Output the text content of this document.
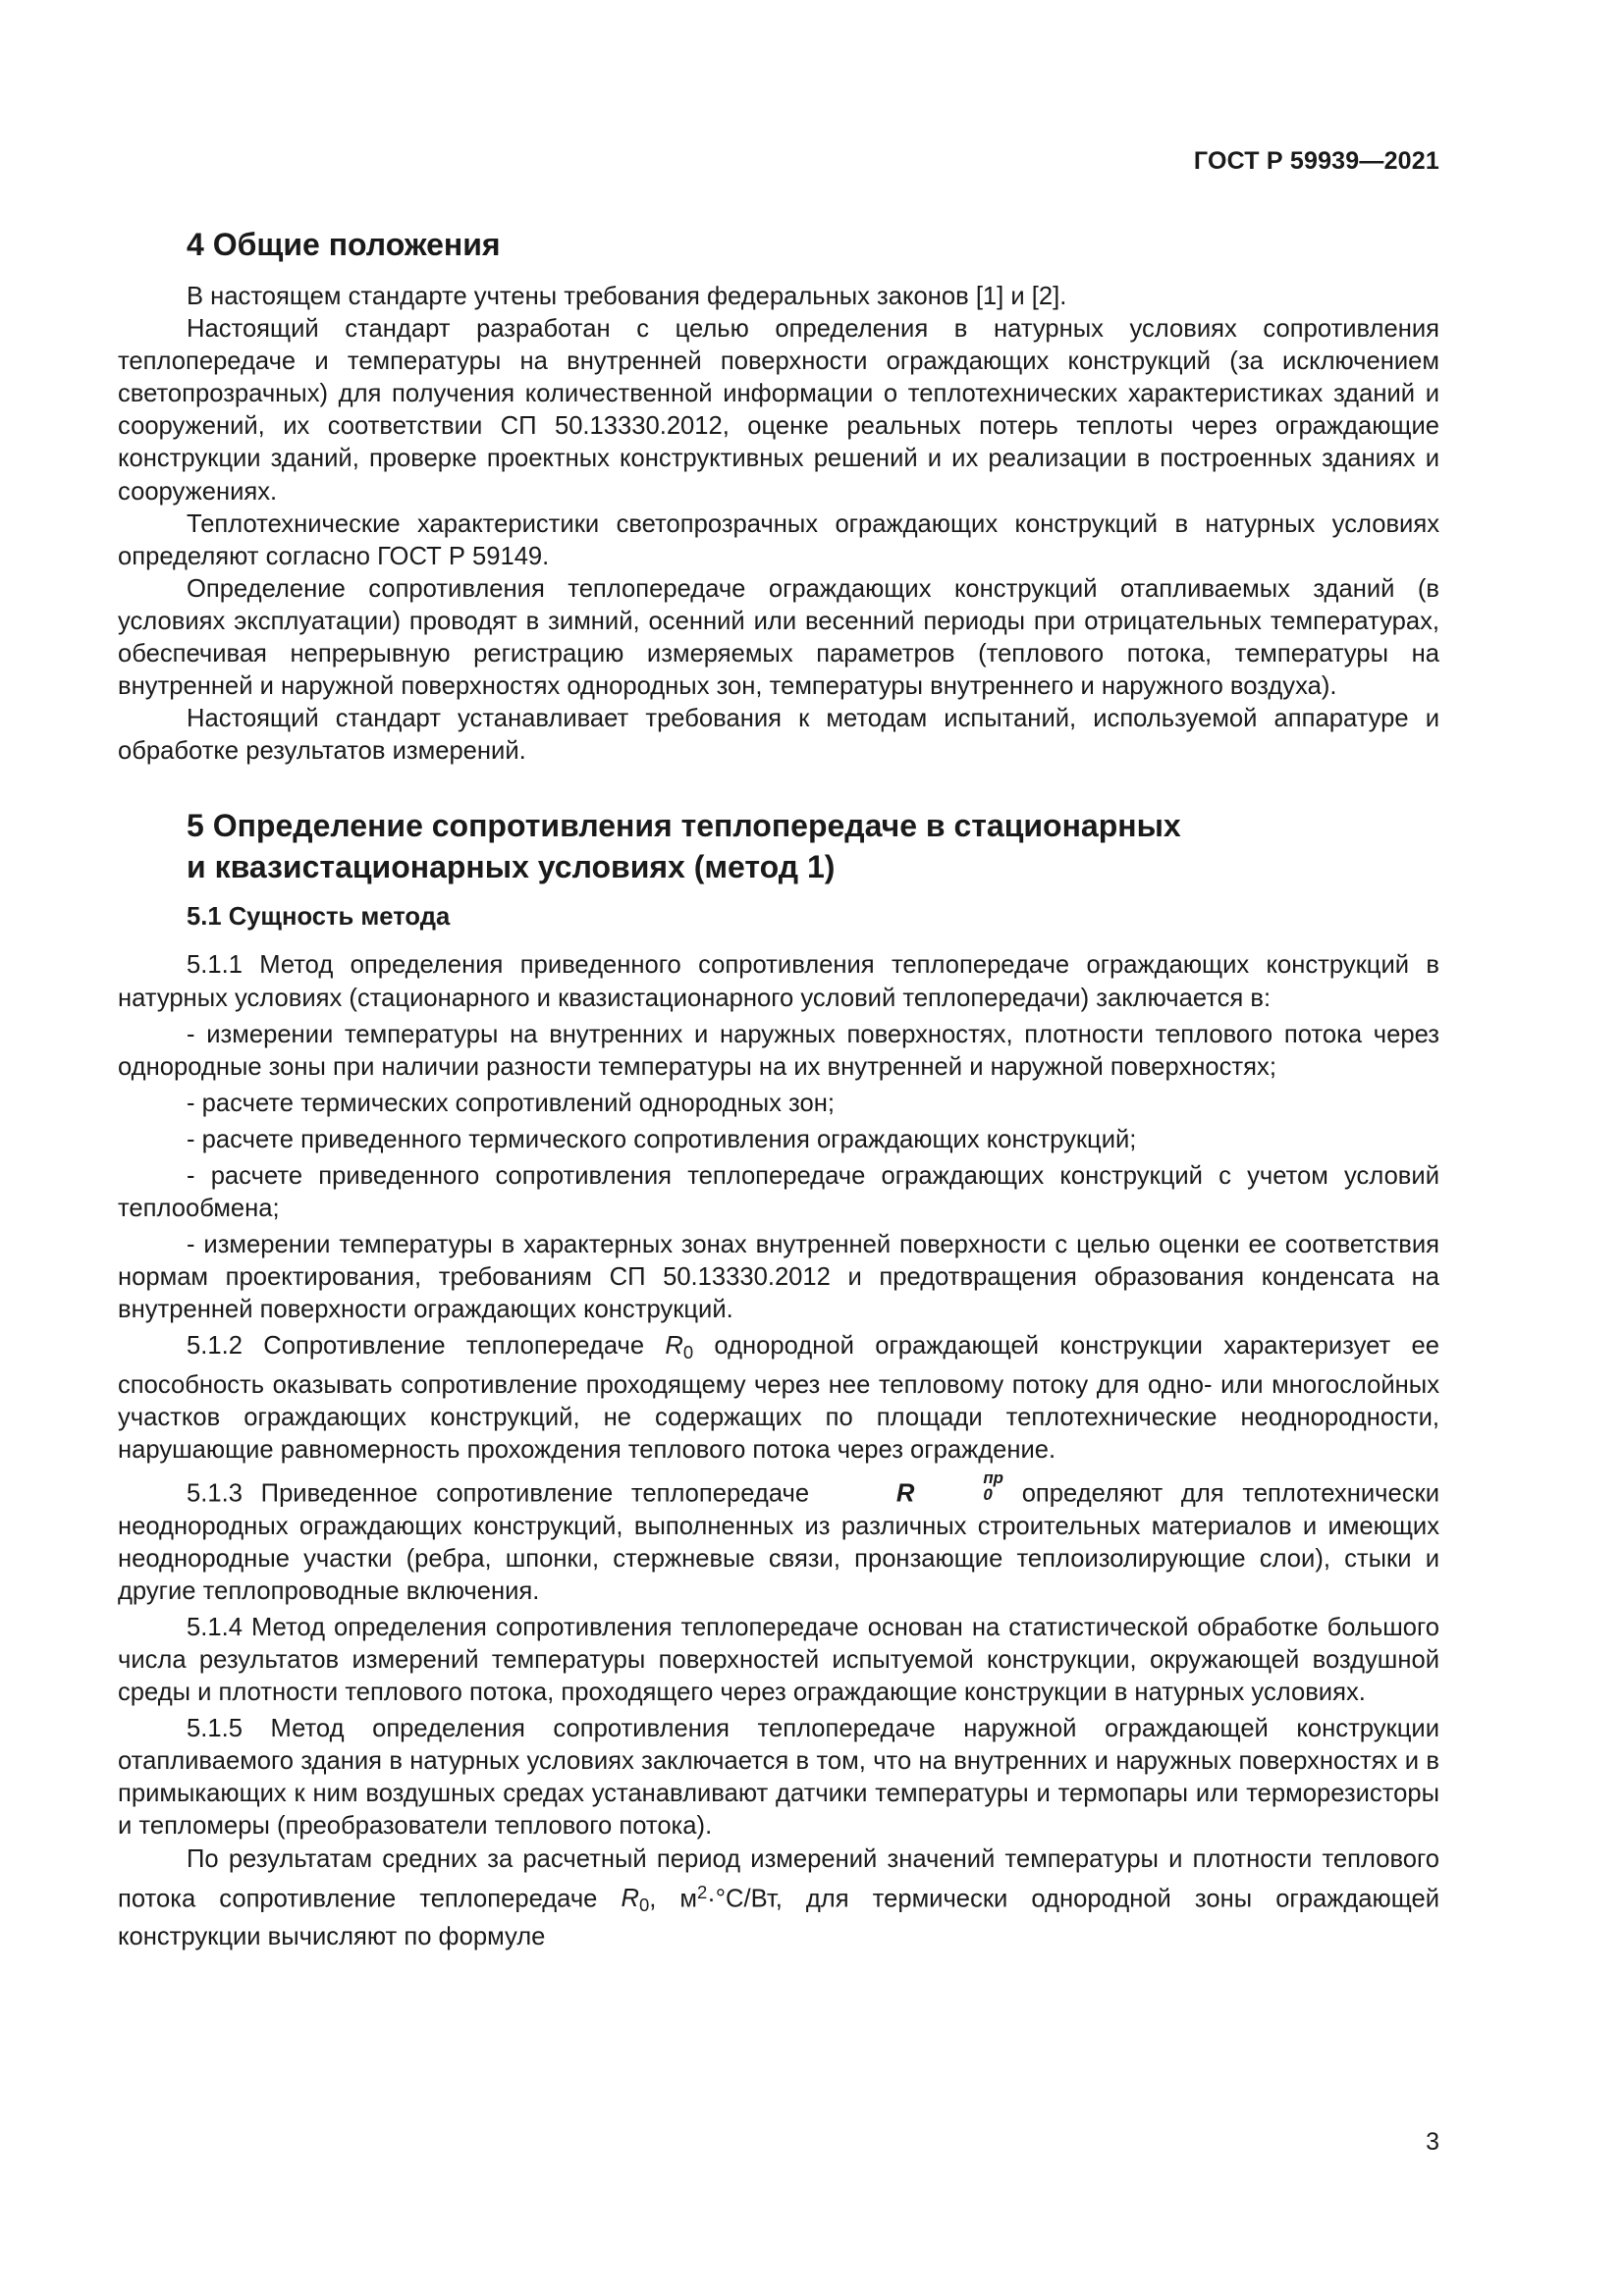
ГОСТ Р 59939—2021
4 Общие положения

В настоящем стандарте учтены требования федеральных законов [1] и [2].

Настоящий стандарт разработан с целью определения в натурных условиях сопротивления теплопередаче и температуры на внутренней поверхности ограждающих конструкций (за исключением светопрозрачных) для получения количественной информации о теплотехнических характеристиках зданий и сооружений, их соответствии СП 50.13330.2012, оценке реальных потерь теплоты через ограждающие конструкции зданий, проверке проектных конструктивных решений и их реализации в построенных зданиях и сооружениях.

Теплотехнические характеристики светопрозрачных ограждающих конструкций в натурных условиях определяют согласно ГОСТ Р 59149.

Определение сопротивления теплопередаче ограждающих конструкций отапливаемых зданий (в условиях эксплуатации) проводят в зимний, осенний или весенний периоды при отрицательных температурах, обеспечивая непрерывную регистрацию измеряемых параметров (теплового потока, температуры на внутренней и наружной поверхностях однородных зон, температуры внутреннего и наружного воздуха).

Настоящий стандарт устанавливает требования к методам испытаний, используемой аппаратуре и обработке результатов измерений.

5 Определение сопротивления теплопередаче в стационарных
и квазистационарных условиях (метод 1)
5.1 Сущность метода

5.1.1 Метод определения приведенного сопротивления теплопередаче ограждающих конструкций в натурных условиях (стационарного и квазистационарного условий теплопередачи) заключается в:

- измерении температуры на внутренних и наружных поверхностях, плотности теплового потока через однородные зоны при наличии разности температуры на их внутренней и наружной поверхностях;

- расчете термических сопротивлений однородных зон;

- расчете приведенного термического сопротивления ограждающих конструкций;

- расчете приведенного сопротивления теплопередаче ограждающих конструкций с учетом условий теплообмена;

- измерении температуры в характерных зонах внутренней поверхности с целью оценки ее соответствия нормам проектирования, требованиям СП 50.13330.2012 и предотвращения образования конденсата на внутренней поверхности ограждающих конструкций.

5.1.2 Сопротивление теплопередаче $R_0$ однородной ограждающей конструкции характеризует ее способность оказывать сопротивление проходящему через нее тепловому потоку для одно- или многослойных участков ограждающих конструкций, не содержащих по площади теплотехнические неоднородности, нарушающие равномерность прохождения теплового потока через ограждение.

5.1.3 Приведенное сопротивление теплопередаче	R
пр
0 определяют для теплотехнически неоднородных ограждающих конструкций, выполненных из различных строительных материалов и имеющих неоднородные участки (ребра, шпонки, стержневые связи, пронзающие теплоизолирующие слои), стыки и другие теплопроводные включения.

5.1.4 Метод определения сопротивления теплопередаче основан на статистической обработке большого числа результатов измерений температуры поверхностей испытуемой конструкции, окружающей воздушной среды и плотности теплового потока, проходящего через ограждающие конструкции в натурных условиях.

5.1.5 Метод определения сопротивления теплопередаче наружной ограждающей конструкции отапливаемого здания в натурных условиях заключается в том, что на внутренних и наружных поверхностях и в примыкающих к ним воздушных средах устанавливают датчики температуры и термопары или терморезисторы и тепломеры (преобразователи теплового потока).

По результатам средних за расчетный период измерений значений температуры и плотности теплового потока сопротивление теплопередаче $R_0$, $м^2\cdot^\circ С/Вт$, для термически однородной зоны ограждающей конструкции вычисляют по формуле

3
